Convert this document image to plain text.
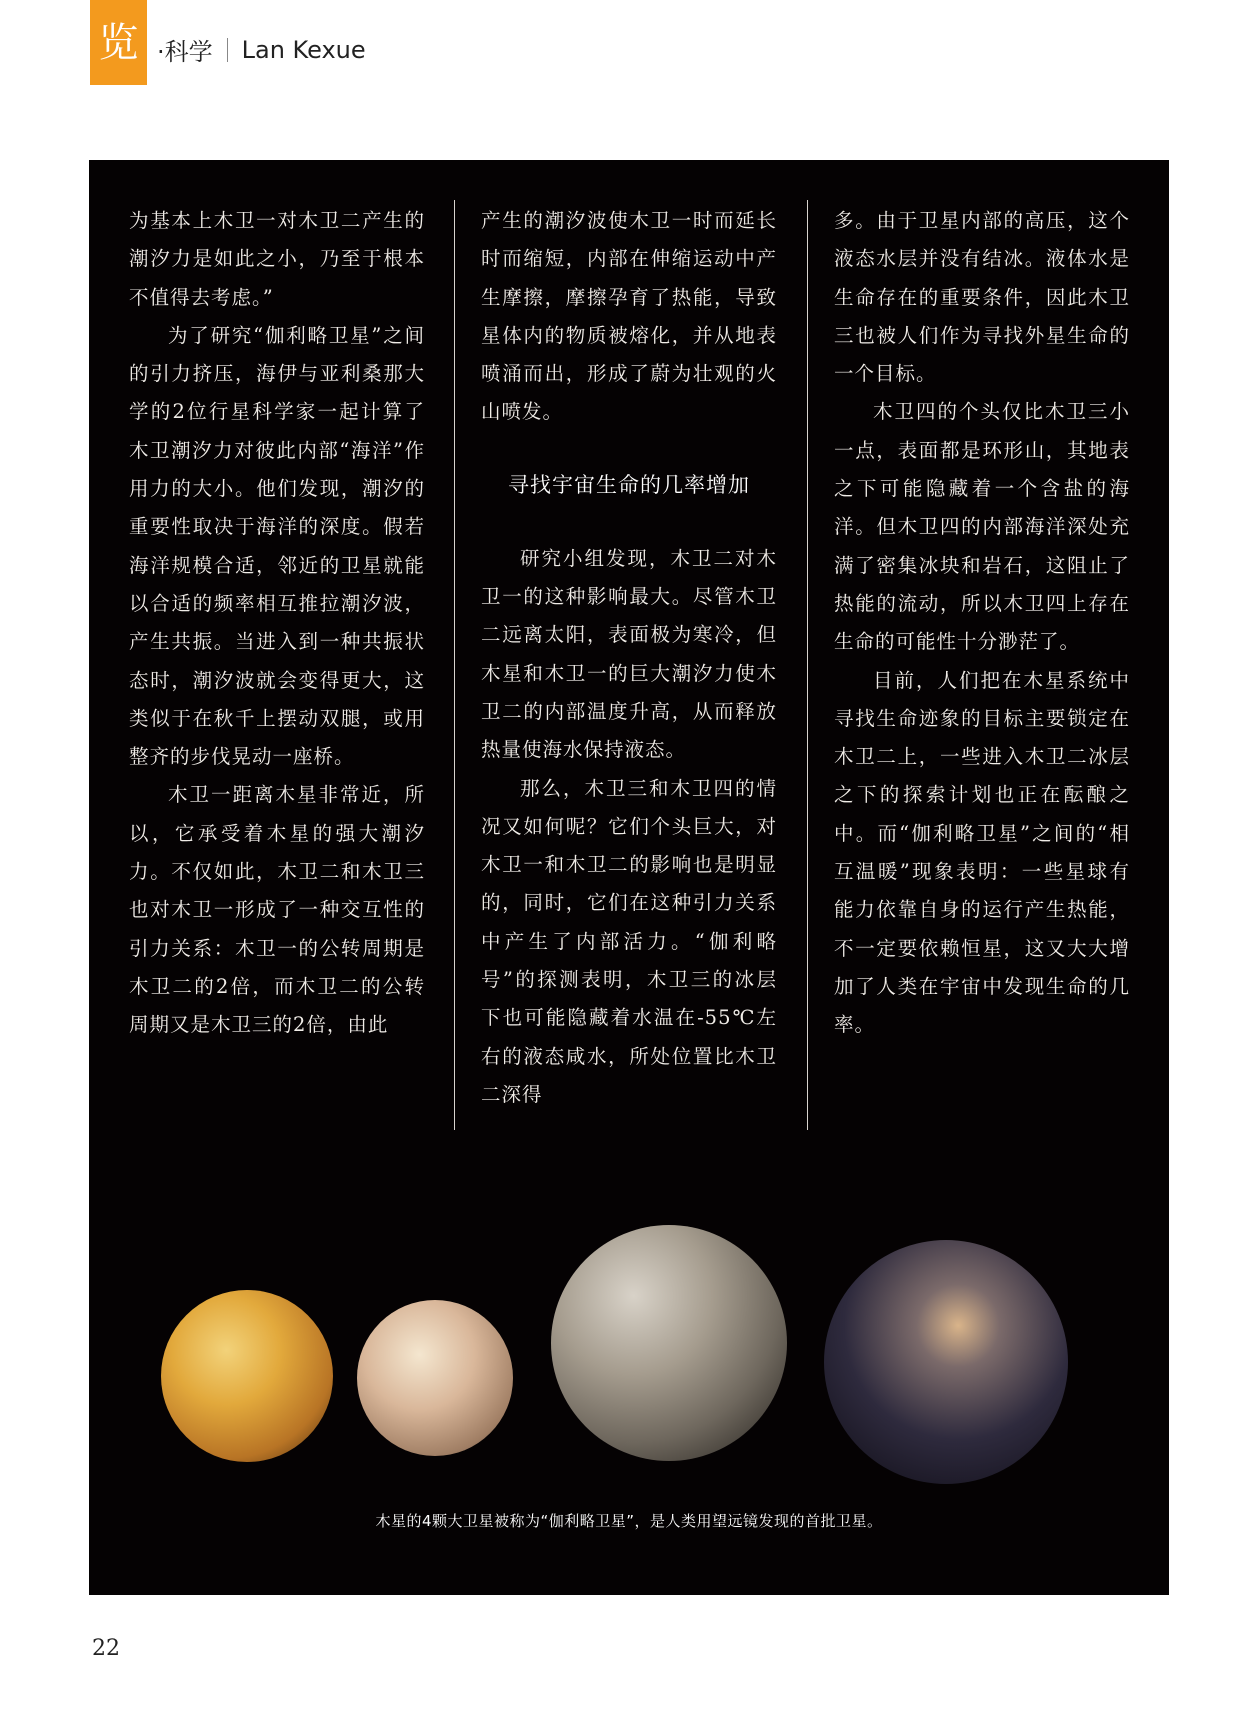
览 ·科学 Lan Kexue

为基本上木卫一对木卫二产生的潮汐力是如此之小，乃至于根本不值得去考虑。”

为了研究“伽利略卫星”之间的引力挤压，海伊与亚利桑那大学的2位行星科学家一起计算了木卫潮汐力对彼此内部“海洋”作用力的大小。他们发现，潮汐的重要性取决于海洋的深度。假若海洋规模合适，邻近的卫星就能以合适的频率相互推拉潮汐波，产生共振。当进入到一种共振状态时，潮汐波就会变得更大，这类似于在秋千上摆动双腿，或用整齐的步伐晃动一座桥。

木卫一距离木星非常近，所以，它承受着木星的强大潮汐力。不仅如此，木卫二和木卫三也对木卫一形成了一种交互性的引力关系：木卫一的公转周期是木卫二的2倍，而木卫二的公转周期又是木卫三的2倍，由此

产生的潮汐波使木卫一时而延长时而缩短，内部在伸缩运动中产生摩擦，摩擦孕育了热能，导致星体内的物质被熔化，并从地表喷涌而出，形成了蔚为壮观的火山喷发。

寻找宇宙生命的几率增加

研究小组发现，木卫二对木卫一的这种影响最大。尽管木卫二远离太阳，表面极为寒冷，但木星和木卫一的巨大潮汐力使木卫二的内部温度升高，从而释放热量使海水保持液态。

那么，木卫三和木卫四的情况又如何呢？它们个头巨大，对木卫一和木卫二的影响也是明显的，同时，它们在这种引力关系中产生了内部活力。“伽利略号”的探测表明，木卫三的冰层下也可能隐藏着水温在-55℃左右的液态咸水，所处位置比木卫二深得

多。由于卫星内部的高压，这个液态水层并没有结冰。液体水是生命存在的重要条件，因此木卫三也被人们作为寻找外星生命的一个目标。

木卫四的个头仅比木卫三小一点，表面都是环形山，其地表之下可能隐藏着一个含盐的海洋。但木卫四的内部海洋深处充满了密集冰块和岩石，这阻止了热能的流动，所以木卫四上存在生命的可能性十分渺茫了。

目前，人们把在木星系统中寻找生命迹象的目标主要锁定在木卫二上，一些进入木卫二冰层之下的探索计划也正在酝酿之中。而“伽利略卫星”之间的“相互温暖”现象表明：一些星球有能力依靠自身的运行产生热能，不一定要依赖恒星，这又大大增加了人类在宇宙中发现生命的几率。

木星的4颗大卫星被称为“伽利略卫星”，是人类用望远镜发现的首批卫星。
22
